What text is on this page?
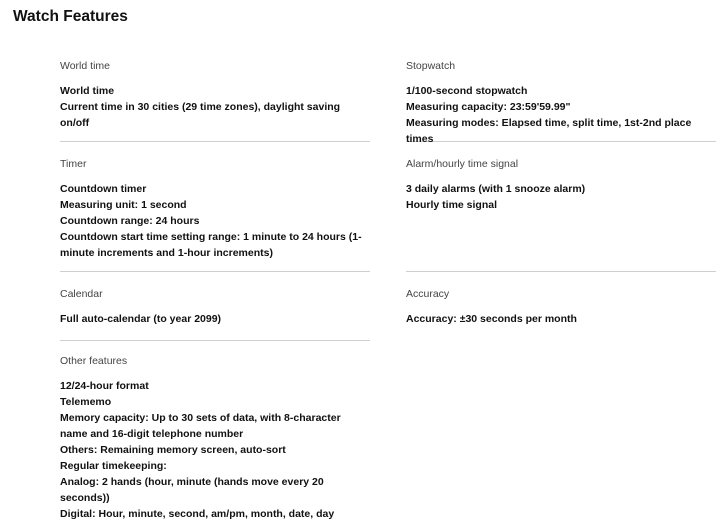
Watch Features
World time

World time

Current time in 30 cities (29 time zones), daylight saving on/off

Timer

Countdown timer

Measuring unit: 1 second

Countdown range: 24 hours

Countdown start time setting range: 1 minute to 24 hours (1-minute increments and 1-hour increments)

Calendar

Full auto-calendar (to year 2099)

Other features

12/24-hour format

Telememo

Memory capacity: Up to 30 sets of data, with 8-character name and 16-digit telephone number

Others: Remaining memory screen, auto-sort

Regular timekeeping:

Analog: 2 hands (hour, minute (hands move every 20 seconds))

Digital: Hour, minute, second, am/pm, month, date, day

Stopwatch

1/100-second stopwatch

Measuring capacity: 23:59'59.99"

Measuring modes: Elapsed time, split time, 1st-2nd place times

Alarm/hourly time signal

3 daily alarms (with 1 snooze alarm)

Hourly time signal

Accuracy

Accuracy: ±30 seconds per month
